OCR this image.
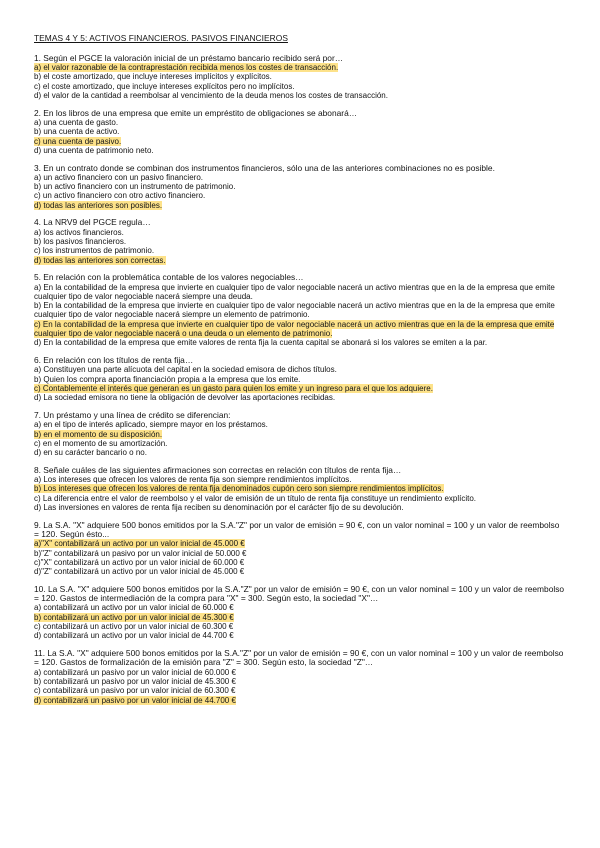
TEMAS 4 Y 5: ACTIVOS FINANCIEROS. PASIVOS FINANCIEROS

1. Según el PGCE la valoración inicial de un préstamo bancario recibido será por…

a) el valor razonable de la contraprestación recibida menos los costes de transacción.
b) el coste amortizado, que incluye intereses implícitos y explícitos.
c) el coste amortizado, que incluye intereses explícitos pero no implícitos.
d) el valor de la cantidad a reembolsar al vencimiento de la deuda menos los costes de transacción.

2. En los libros de una empresa que emite un empréstito de obligaciones se abonará…

a) una cuenta de gasto.
b) una cuenta de activo.
c) una cuenta de pasivo.
d) una cuenta de patrimonio neto.

3. En un contrato donde se combinan dos instrumentos financieros, sólo una de las anteriores combinaciones no es posible.

a) un activo financiero con un pasivo financiero.
b) un activo financiero con un instrumento de patrimonio.
c) un activo financiero con otro activo financiero.
d) todas las anteriores son posibles.

4. La NRV9 del PGCE regula…

a) los activos financieros.
b) los pasivos financieros.
c) los instrumentos de patrimonio.
d) todas las anteriores son correctas.

5. En relación con la problemática contable de los valores negociables…

a) En la contabilidad de la empresa que invierte en cualquier tipo de valor negociable nacerá un activo mientras que en la de la empresa que emite cualquier tipo de valor negociable nacerá siempre una deuda.
b) En la contabilidad de la empresa que invierte en cualquier tipo de valor negociable nacerá un activo mientras que en la de la empresa que emite cualquier tipo de valor negociable nacerá siempre un elemento de patrimonio.
c) En la contabilidad de la empresa que invierte en cualquier tipo de valor negociable nacerá un activo mientras que en la de la empresa que emite cualquier tipo de valor negociable nacerá o una deuda o un elemento de patrimonio.
d) En la contabilidad de la empresa que emite valores de renta fija la cuenta capital se abonará si los valores se emiten a la par.

6. En relación con los títulos de renta fija…

a) Constituyen una parte alícuota del capital en la sociedad emisora de dichos títulos.
b) Quien los compra aporta financiación propia a la empresa que los emite.
c) Contablemente el interés que generan es un gasto para quien los emite y un ingreso para el que los adquiere.
d) La sociedad emisora no tiene la obligación de devolver las aportaciones recibidas.

7. Un préstamo y una línea de crédito se diferencian:

a) en el tipo de interés aplicado, siempre mayor en los préstamos.
b) en el momento de su disposición.
c) en el momento de su amortización.
d) en su carácter bancario o no.

8. Señale cuáles de las siguientes afirmaciones son correctas en relación con títulos de renta fija…

a) Los intereses que ofrecen los valores de renta fija son siempre rendimientos implícitos.
b) Los intereses que ofrecen los valores de renta fija denominados cupón cero son siempre rendimientos implícitos.
c) La diferencia entre el valor de reembolso y el valor de emisión de un título de renta fija constituye un rendimiento explícito.
d) Las inversiones en valores de renta fija reciben su denominación por el carácter fijo de su devolución.

9. La S.A. "X" adquiere 500 bonos emitidos por la S.A."Z" por un valor de emisión = 90 €, con un valor nominal = 100 y un valor de reembolso = 120. Según ésto...

a)"X" contabilizará un activo por un valor inicial de 45.000 €
b)"Z" contabilizará un pasivo por un valor inicial de 50.000 €
c)"X" contabilizará un activo por un valor inicial de 60.000 €
d)"Z" contabilizará un activo por un valor inicial de 45.000 €

10. La S.A. "X" adquiere 500 bonos emitidos por la S.A."Z" por un valor de emisión = 90 €, con un valor nominal = 100 y un valor de reembolso = 120. Gastos de intermediación de la compra para "X" = 300. Según esto, la sociedad "X"…

a) contabilizará un activo por un valor inicial de 60.000 €
b) contabilizará un activo por un valor inicial de 45.300 €
c) contabilizará un activo por un valor inicial de 60.300 €
d) contabilizará un activo por un valor inicial de 44.700 €

11. La S.A. "X" adquiere 500 bonos emitidos por la S.A."Z" por un valor de emisión = 90 €, con un valor nominal = 100 y un valor de reembolso = 120. Gastos de formalización de la emisión para "Z" = 300. Según esto, la sociedad "Z"…

a) contabilizará un pasivo por un valor inicial de 60.000 €
b) contabilizará un pasivo por un valor inicial de 45.300 €
c) contabilizará un pasivo por un valor inicial de 60.300 €
d) contabilizará un pasivo por un valor inicial de 44.700 €
